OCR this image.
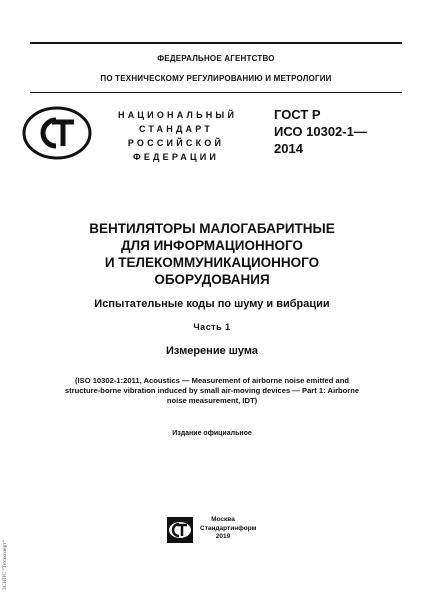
ФЕДЕРАЛЬНОЕ АГЕНТСТВО
ПО ТЕХНИЧЕСКОМУ РЕГУЛИРОВАНИЮ И МЕТРОЛОГИИ
НАЦИОНАЛЬНЫЙ
СТАНДАРТ
РОССИЙСКОЙ
ФЕДЕРАЦИИ
ГОСТ Р
ИСО 10302-1—
2014
ВЕНТИЛЯТОРЫ МАЛОГАБАРИТНЫЕ
ДЛЯ ИНФОРМАЦИОННОГО
И ТЕЛЕКОММУНИКАЦИОННОГО
ОБОРУДОВАНИЯ
Испытательные коды по шуму и вибрации
Часть 1
Измерение шума
(ISO 10302-1:2011, Acoustics — Measurement of airborne noise emitted and
structure-borne vibration induced by small air-moving devices — Part 1: Airborne
noise measurement, IDT)
Издание официальное
Москва
Стандартинформ
2019
ЗСНПС "Техэксперт"
